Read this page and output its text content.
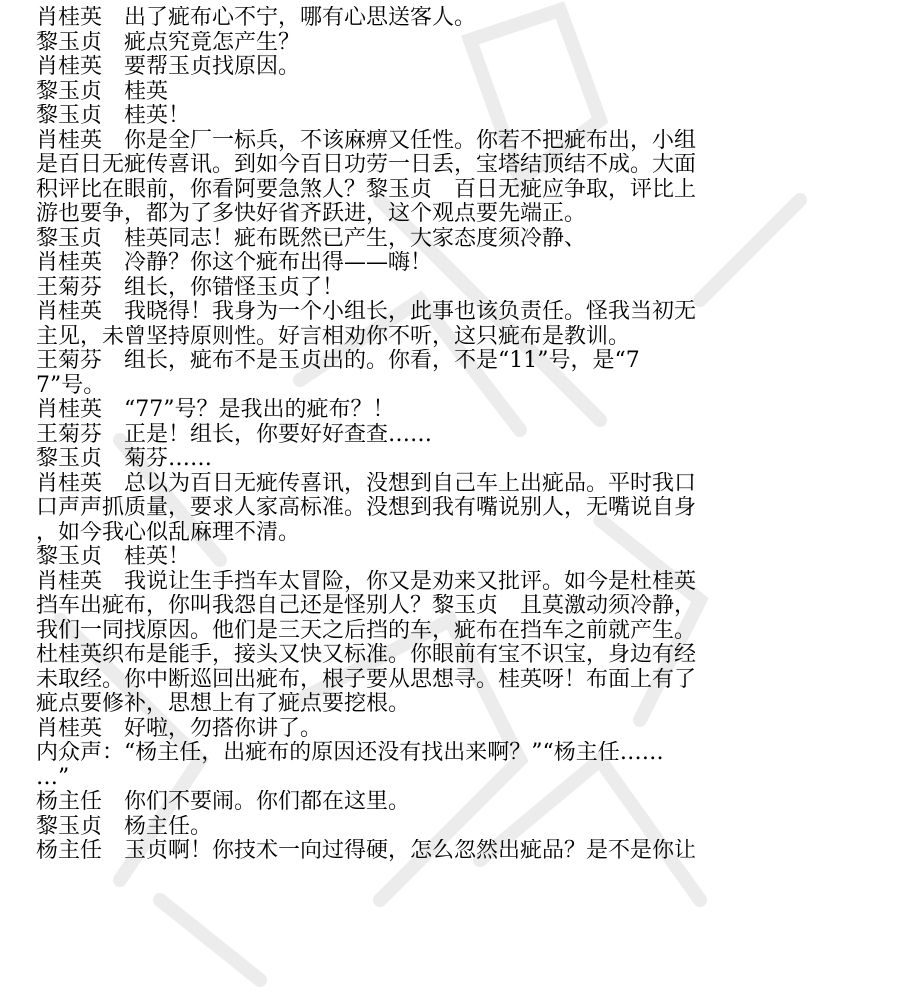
肖桂英　出了疵布心不宁，哪有心思送客人。
黎玉贞　疵点究竟怎产生？
肖桂英　要帮玉贞找原因。
黎玉贞　桂英
黎玉贞　桂英！
肖桂英　你是全厂一标兵，不该麻痹又任性。你若不把疵布出，小组
是百日无疵传喜讯。到如今百日功劳一日丢，宝塔结顶结不成。大面
积评比在眼前，你看阿要急煞人？黎玉贞　百日无疵应争取，评比上
游也要争，都为了多快好省齐跃进，这个观点要先端正。
黎玉贞　桂英同志！疵布既然已产生，大家态度须冷静、
肖桂英　冷静？你这个疵布出得——嗨！
王菊芬　组长，你错怪玉贞了！
肖桂英　我晓得！我身为一个小组长，此事也该负责任。怪我当初无
主见，未曾坚持原则性。好言相劝你不听，这只疵布是教训。
王菊芬　组长，疵布不是玉贞出的。你看，不是“11”号，是“7
7”号。
肖桂英　“77”号？是我出的疵布？！
王菊芬　正是！组长，你要好好查查……
黎玉贞　菊芬……
肖桂英　总以为百日无疵传喜讯，没想到自己车上出疵品。平时我口
口声声抓质量，要求人家高标准。没想到我有嘴说别人，无嘴说自身
，如今我心似乱麻理不清。
黎玉贞　桂英！
肖桂英　我说让生手挡车太冒险，你又是劝来又批评。如今是杜桂英
挡车出疵布，你叫我怨自己还是怪别人？黎玉贞　且莫激动须冷静，
我们一同找原因。他们是三天之后挡的车，疵布在挡车之前就产生。
杜桂英织布是能手，接头又快又标准。你眼前有宝不识宝，身边有经
未取经。你中断巡回出疵布，根子要从思想寻。桂英呀！布面上有了
疵点要修补，思想上有了疵点要挖根。
肖桂英　好啦，勿搭你讲了。
内众声：“杨主任，出疵布的原因还没有找出来啊？”“杨主任……
…”
杨主任　你们不要闹。你们都在这里。
黎玉贞　杨主任。
杨主任　玉贞啊！你技术一向过得硬，怎么忽然出疵品？是不是你让
